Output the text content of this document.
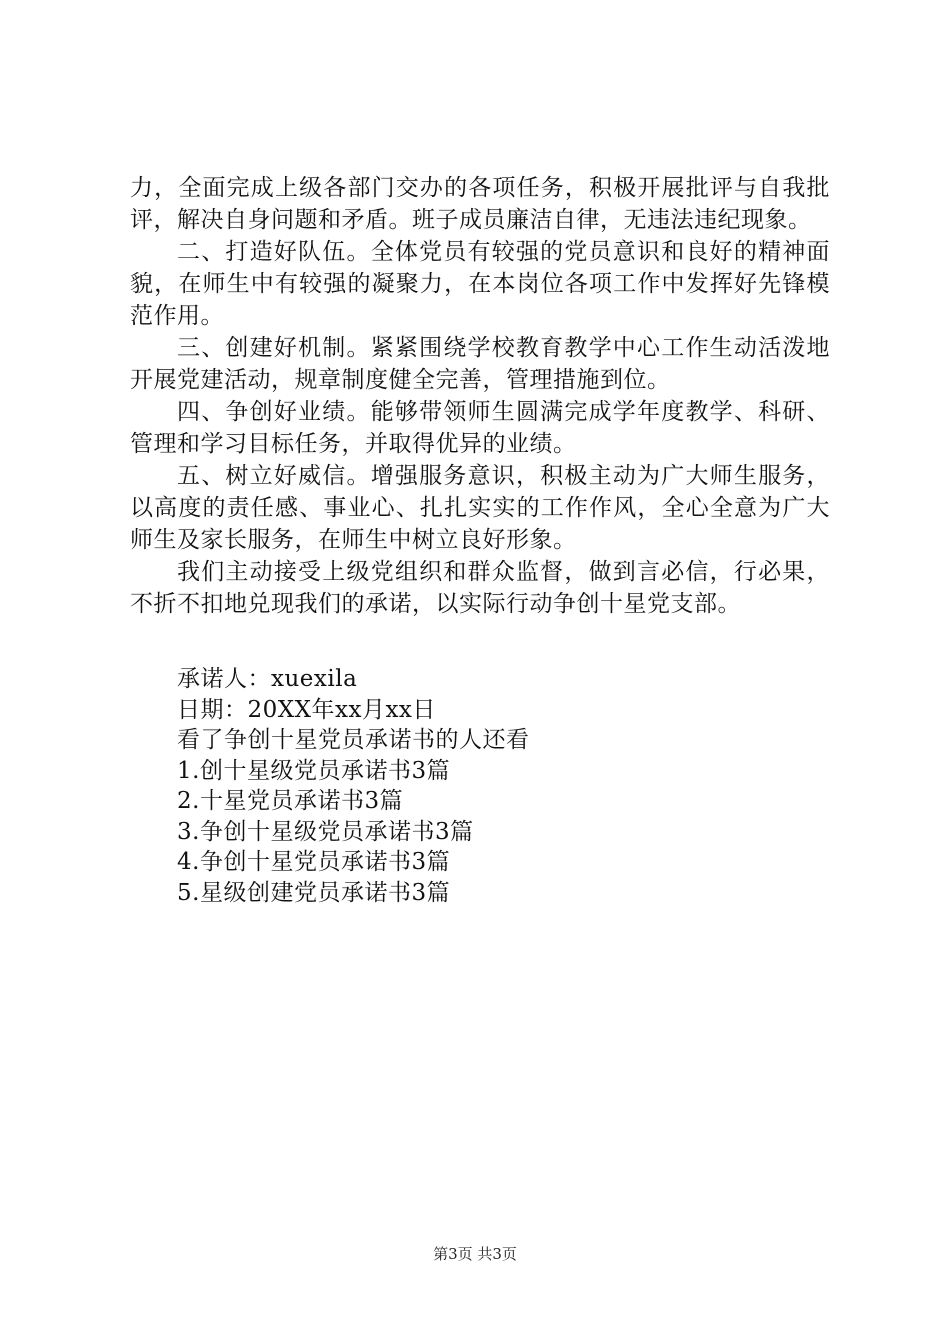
力，全面完成上级各部门交办的各项任务，积极开展批评与自我批评，解决自身问题和矛盾。班子成员廉洁自律，无违法违纪现象。

二、打造好队伍。全体党员有较强的党员意识和良好的精神面貌，在师生中有较强的凝聚力，在本岗位各项工作中发挥好先锋模范作用。

三、创建好机制。紧紧围绕学校教育教学中心工作生动活泼地开展党建活动，规章制度健全完善，管理措施到位。

四、争创好业绩。能够带领师生圆满完成学年度教学、科研、管理和学习目标任务，并取得优异的业绩。

五、树立好威信。增强服务意识，积极主动为广大师生服务，以高度的责任感、事业心、扎扎实实的工作作风，全心全意为广大师生及家长服务，在师生中树立良好形象。

我们主动接受上级党组织和群众监督，做到言必信，行必果，不折不扣地兑现我们的承诺，以实际行动争创十星党支部。

承诺人：xuexila
日期：20XX年xx月xx日
看了争创十星党员承诺书的人还看
1.创十星级党员承诺书3篇
2.十星党员承诺书3篇
3.争创十星级党员承诺书3篇
4.争创十星党员承诺书3篇
5.星级创建党员承诺书3篇
第3页 共3页
